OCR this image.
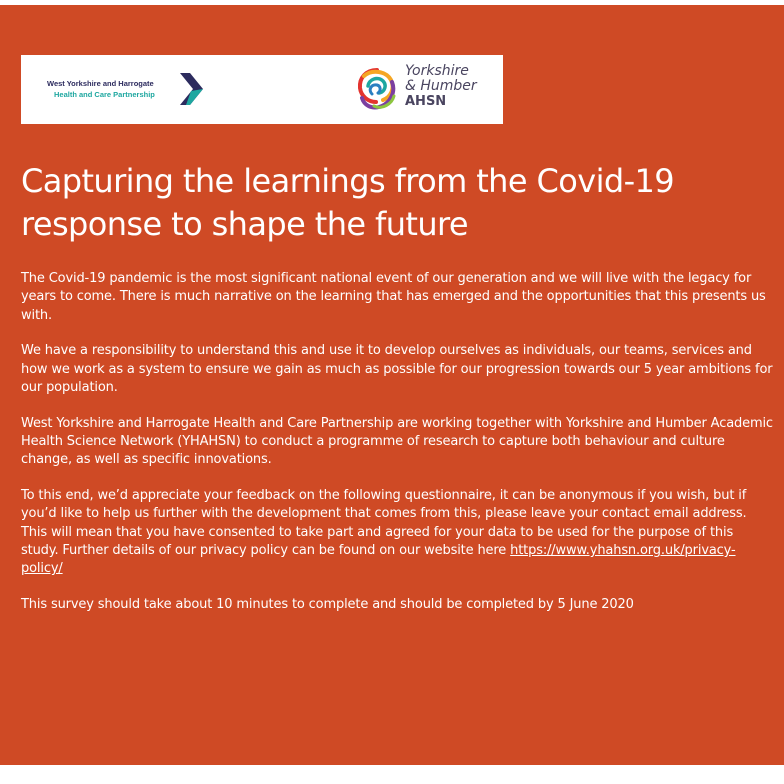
West Yorkshire and Harrogate
Health and Care Partnership
Yorkshire
& Humber
AHSN
Capturing the learnings from the Covid-19 response to shape the future

The Covid-19 pandemic is the most significant national event of our generation and we will live with the legacy for years to come. There is much narrative on the learning that has emerged and the opportunities that this presents us with.

We have a responsibility to understand this and use it to develop ourselves as individuals, our teams, services and how we work as a system to ensure we gain as much as possible for our progression towards our 5 year ambitions for our population.

West Yorkshire and Harrogate Health and Care Partnership are working together with Yorkshire and Humber Academic Health Science Network (YHAHSN) to conduct a programme of research to capture both behaviour and culture change, as well as specific innovations.

To this end, we’d appreciate your feedback on the following questionnaire, it can be anonymous if you wish, but if you’d like to help us further with the development that comes from this, please leave your contact email address. This will mean that you have consented to take part and agreed for your data to be used for the purpose of this study. Further details of our privacy policy can be found on our website here https://www.yhahsn.org.uk/privacy-policy/

This survey should take about 10 minutes to complete and should be completed by 5 June 2020
